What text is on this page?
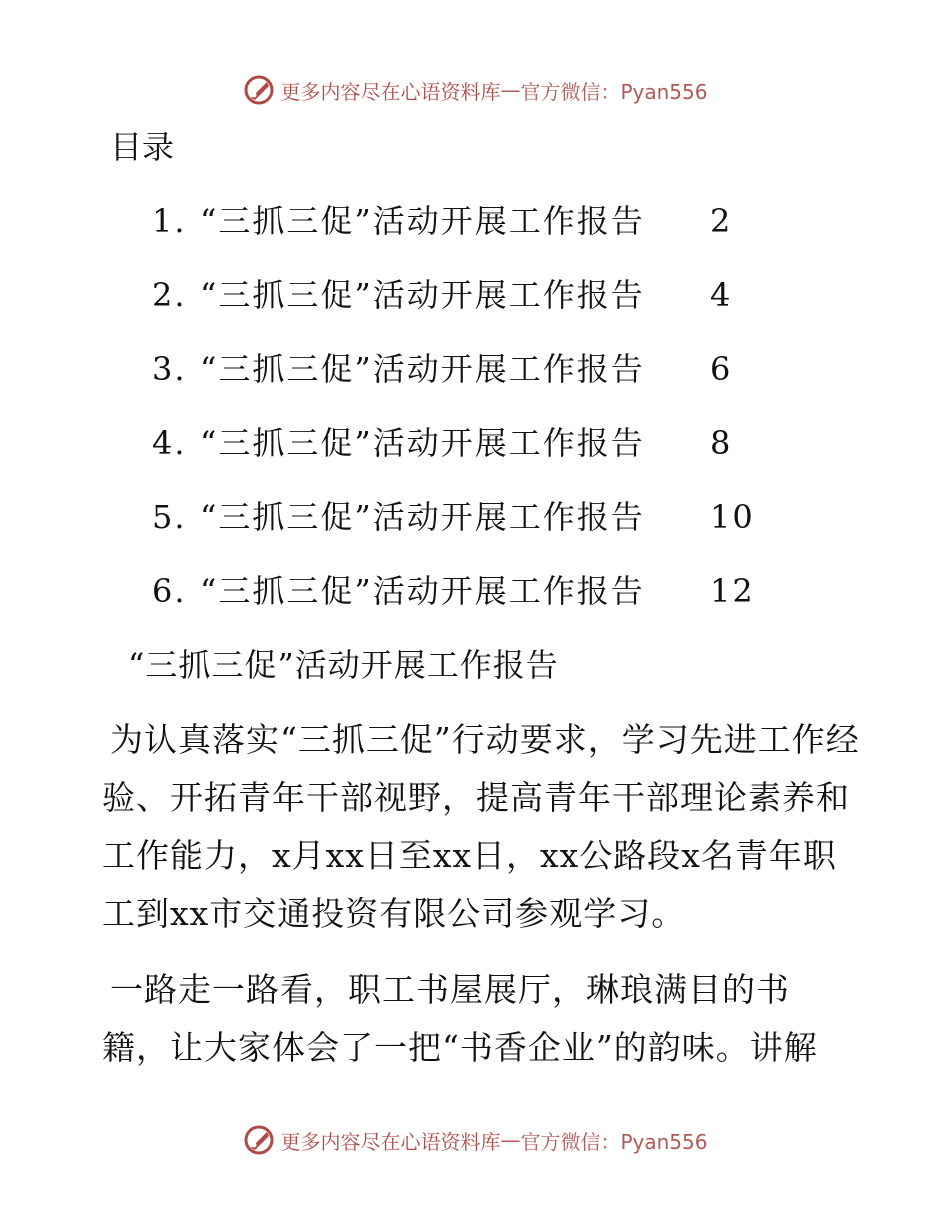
更多内容尽在心语资料库 — 官方微信：Pyan556
目录
1. “三抓三促”活动开展工作报告	2
2. “三抓三促”活动开展工作报告	4
3. “三抓三促”活动开展工作报告	6
4. “三抓三促”活动开展工作报告	8
5. “三抓三促”活动开展工作报告	10
6. “三抓三促”活动开展工作报告	12
“三抓三促”活动开展工作报告

为认真落实“三抓三促”行动要求，学习先进工作经验、开拓青年干部视野，提高青年干部理论素养和工作能力，x月xx日至xx日，xx公路段x名青年职工到xx市交通投资有限公司参观学习。

一路走一路看，职工书屋展厅，琳琅满目的书
籍，让大家体会了一把“书香企业”的韵味。讲解

更多内容尽在心语资料库 — 官方微信：Pyan556
